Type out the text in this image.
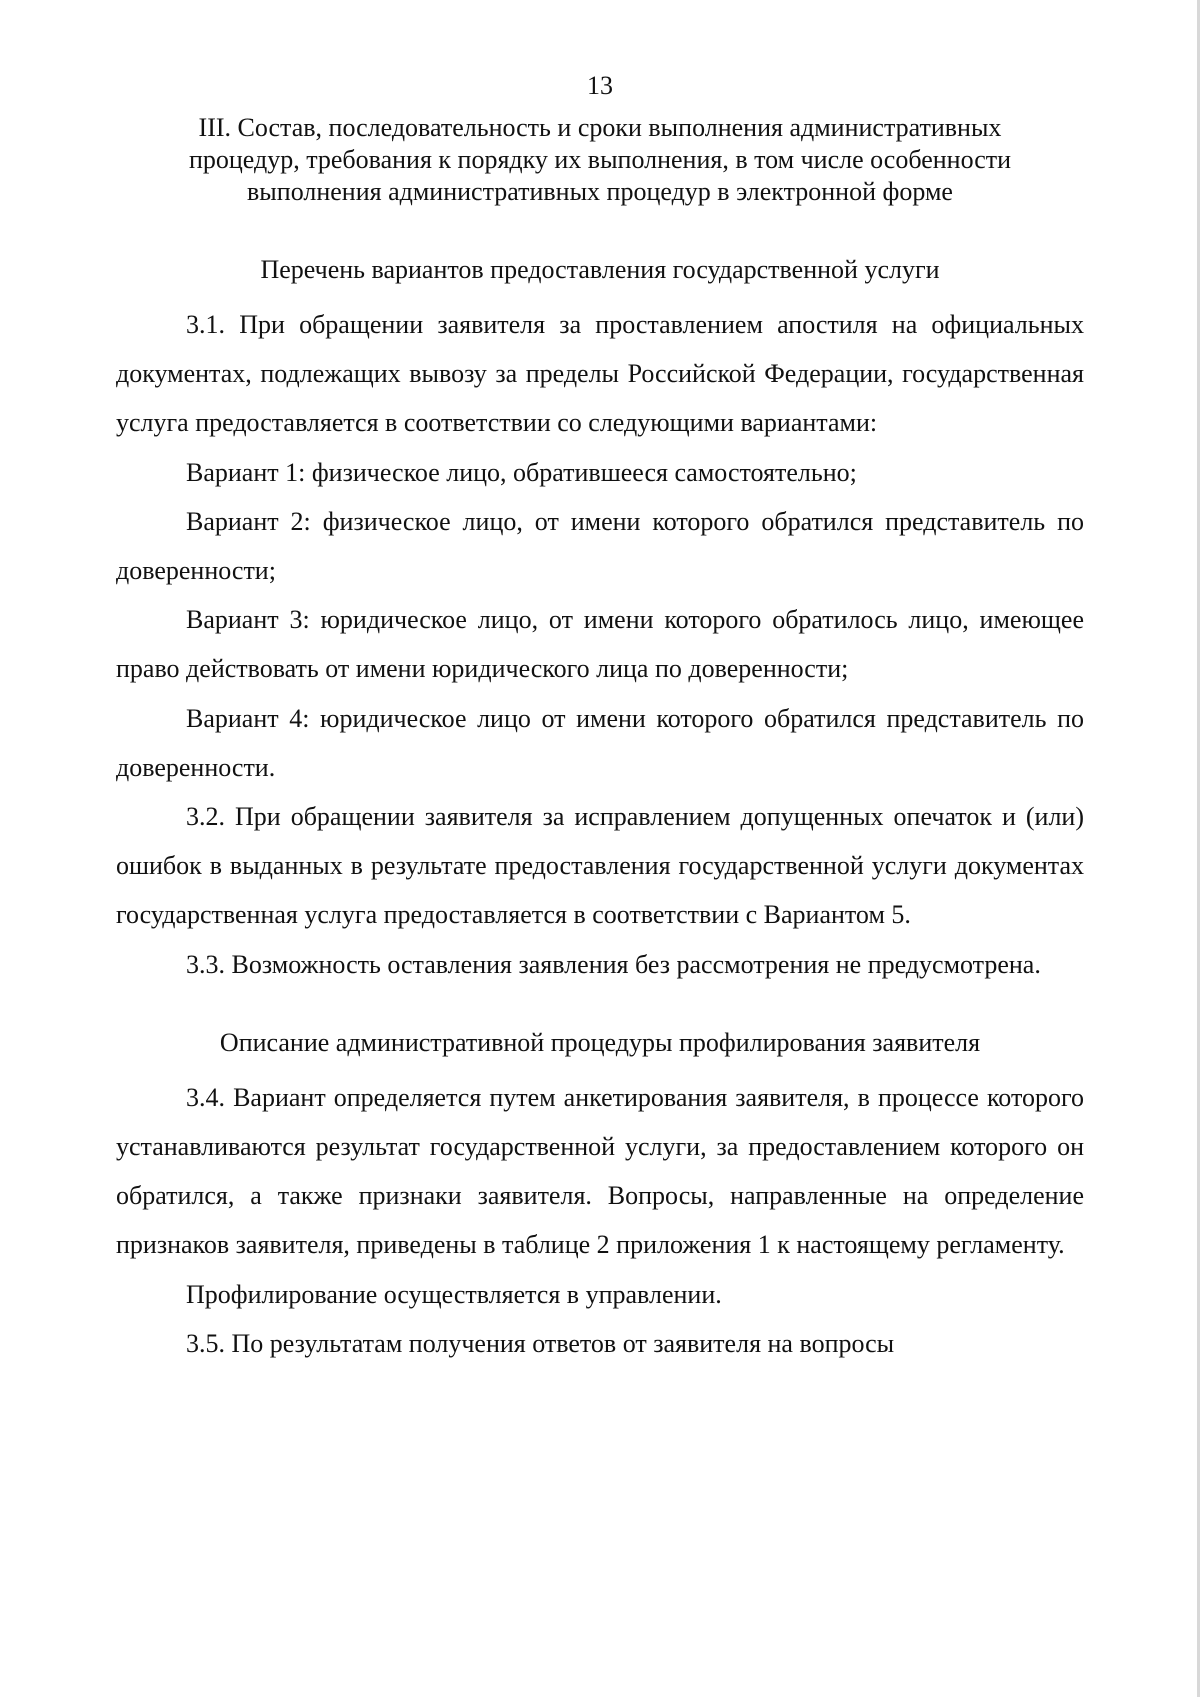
13

III. Состав, последовательность и сроки выполнения административных
процедур, требования к порядку их выполнения, в том числе особенности
выполнения административных процедур в электронной форме

Перечень вариантов предоставления государственной услуги

3.1. При обращении заявителя за проставлением апостиля на официальных документах, подлежащих вывозу за пределы Российской Федерации, государственная услуга предоставляется в соответствии со следующими вариантами:

Вариант 1: физическое лицо, обратившееся самостоятельно;

Вариант 2: физическое лицо, от имени которого обратился представитель по доверенности;

Вариант 3: юридическое лицо, от имени которого обратилось лицо, имеющее право действовать от имени юридического лица по доверенности;

Вариант 4: юридическое лицо от имени которого обратился представитель по доверенности.

3.2. При обращении заявителя за исправлением допущенных опечаток и (или) ошибок в выданных в результате предоставления государственной услуги документах государственная услуга предоставляется в соответствии с Вариантом 5.

3.3. Возможность оставления заявления без рассмотрения не предусмотрена.

Описание административной процедуры профилирования заявителя

3.4. Вариант определяется путем анкетирования заявителя, в процессе которого устанавливаются результат государственной услуги, за предоставлением которого он обратился, а также признаки заявителя. Вопросы, направленные на определение признаков заявителя, приведены в таблице 2 приложения 1 к настоящему регламенту.

Профилирование осуществляется в управлении.

3.5. По результатам получения ответов от заявителя на вопросы
